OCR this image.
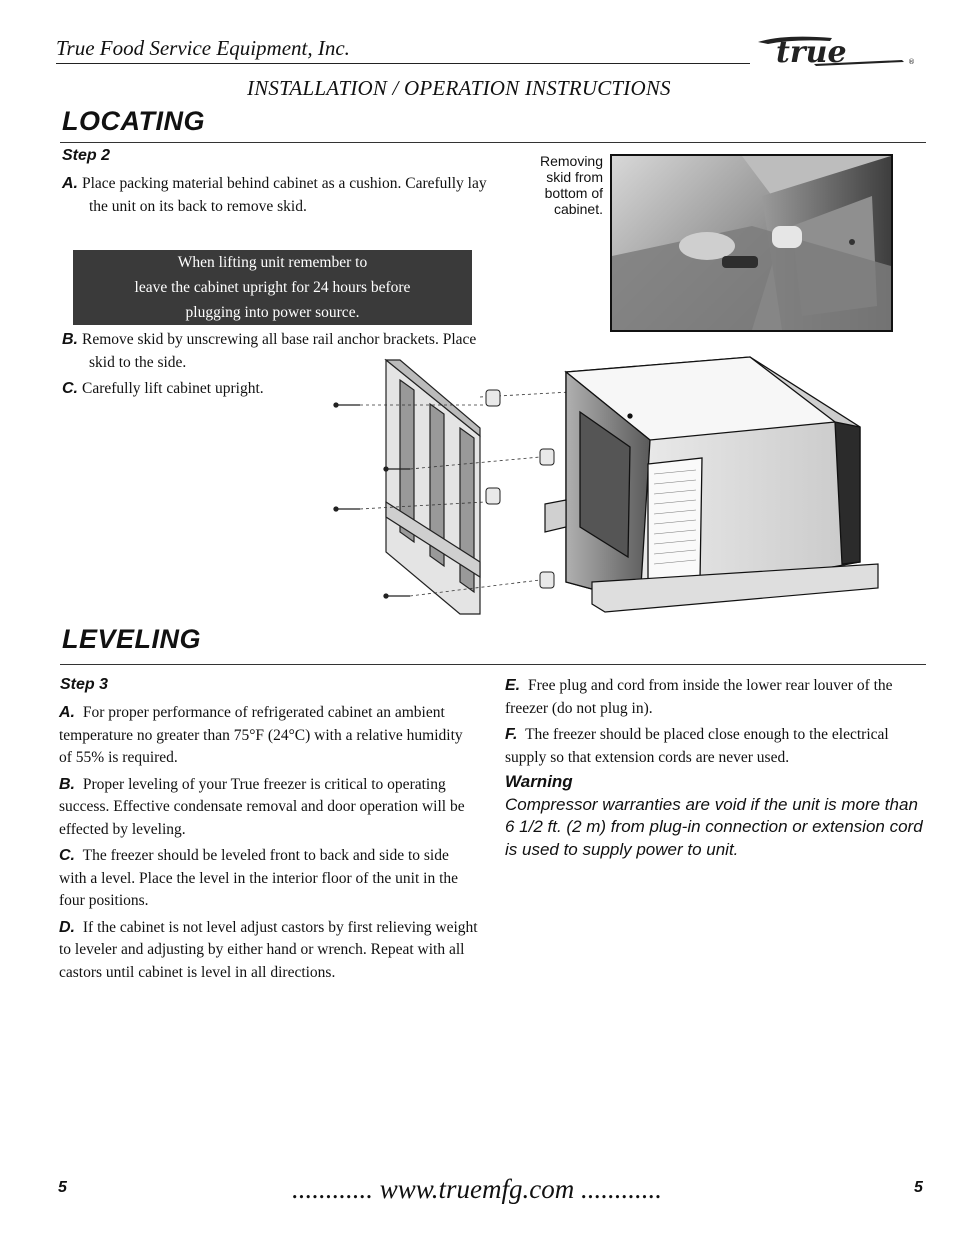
True Food Service Equipment, Inc.	true	®
INSTALLATION / OPERATION INSTRUCTIONS
LOCATING
Step 2
A. Place packing material behind cabinet as a cushion. Carefully lay the unit on its back to remove skid.
When lifting unit remember to
leave the cabinet upright for 24 hours before
plugging into power source.
B. Remove skid by unscrewing all base rail anchor brackets. Place skid to the side.
C. Carefully lift cabinet upright.
Removing
skid from
bottom of
cabinet.
LEVELING
Step 3

A. For proper performance of refrigerated cabinet an ambient temperature no greater than 75°F (24°C) with a relative humidity of 55% is required.

B. Proper leveling of your True freezer is critical to operating success. Effective condensate removal and door operation will be effected by leveling.

C. The freezer should be leveled front to back and side to side with a level. Place the level in the interior floor of the unit in the four positions.

D. If the cabinet is not level adjust castors by first relieving weight to leveler and adjusting by either hand or wrench. Repeat with all castors until cabinet is level in all directions.

E. Free plug and cord from inside the lower rear louver of the freezer (do not plug in).

F. The freezer should be placed close enough to the electrical supply so that extension cords are never used.

Warning
Compressor warranties are void if the unit is more than 6 1/2 ft. (2 m) from plug-in connection or extension cord is used to supply power to unit.
5	............ www.truemfg.com ............	5
